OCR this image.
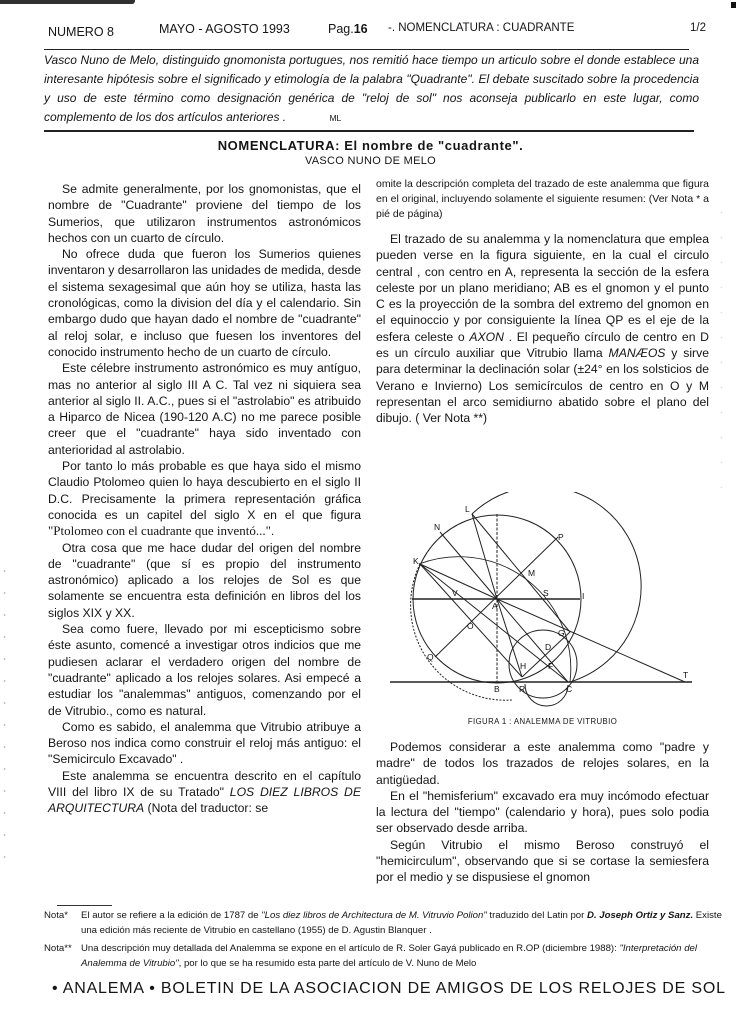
NUMERO 8	MAYO - AGOSTO 1993	Pag.16 -. NOMENCLATURA : CUADRANTE	1/2
Vasco Nuno de Melo, distinguido gnomonista portugues, nos remitió hace tiempo un articulo sobre el donde establece una interesante hipótesis sobre el significado y etimología de la palabra "Quadrante". El debate suscitado sobre la procedencia y uso de este término como designación genérica de "reloj de sol" nos aconseja publicarlo en este lugar, como complemento de los dos artículos anteriores .	ML
NOMENCLATURA: El nombre de "cuadrante".
VASCO NUNO DE MELO

Se admite generalmente, por los gnomonistas, que el nombre de "Cuadrante" proviene del tiempo de los Sumerios, que utilizaron instrumentos astronómicos hechos con un cuarto de círculo.

No ofrece duda que fueron los Sumerios quienes inventaron y desarrollaron las unidades de medida, desde el sistema sexagesimal que aún hoy se utiliza, hasta las cronológicas, como la division del día y el calendario. Sin embargo dudo que hayan dado el nombre de "cuadrante" al reloj solar, e incluso que fuesen los inventores del conocido instrumento hecho de un cuarto de círculo.

Este célebre instrumento astronómico es muy antíguo, mas no anterior al siglo III A C. Tal vez ni siquiera sea anterior al siglo II. A.C., pues si el "astrolabio" es atribuido a Hiparco de Nicea (190-120 A.C) no me parece posible creer que el "cuadrante" haya sido inventado con anterioridad al astrolabio.

Por tanto lo más probable es que haya sido el mismo Claudio Ptolomeo quien lo haya descubierto en el siglo II D.C. Precisamente la primera representación gráfica conocida es un capitel del siglo X en el que figura "Ptolomeo con el cuadrante que inventó...".

Otra cosa que me hace dudar del origen del nombre de "cuadrante" (que sí es propio del instrumento astronómico) aplicado a los relojes de Sol es que solamente se encuentra esta definición en libros del los siglos XIX y XX.

Sea como fuere, llevado por mi escepticismo sobre éste asunto, comencé a investigar otros indicios que me pudiesen aclarar el verdadero origen del nombre de "cuadrante" aplicado a los relojes solares. Asi empecé a estudiar los "analemmas" antiguos, comenzando por el de Vitrubio., como es natural.

Como es sabido, el analemma que Vitrubio atribuye a Beroso nos indica como construir el reloj más antiguo: el "Semicirculo Excavado" .

Este analemma se encuentra descrito en el capítulo VIII del libro IX de su Tratado" LOS DIEZ LIBROS DE ARQUITECTURA (Nota del traductor: se

omite la descripción completa del trazado de este analemma que figura en el original, incluyendo solamente el siguiente resumen: (Ver Nota * a pié de página)

El trazado de su analemma y la nomenclatura que emplea pueden verse en la figura siguiente, en la cual el circulo central , con centro en A, representa la sección de la esfera celeste por un plano meridiano; AB es el gnomon y el punto C es la proyección de la sombra del extremo del gnomon en el equinoccio y por consiguiente la línea QP es el eje de la esfera celeste o AXON . El pequeño círculo de centro en D es un círculo auxiliar que Vitrubio llama MANÆOS y sirve para determinar la declinación solar (±24° en los solsticios de Verano e Invierno) Los semicírculos de centro en O y M representan el arco semidiurno abatido sobre el plano del dibujo. ( Ver Nota **)

L
N
P
K
M
V	S	I
A
O
G
D
Q
H	F
B R	C
T
FIGURA 1 : ANALEMMA DE VITRUBIO

Podemos considerar a este analemma como "padre y madre" de todos los trazados de relojes solares, en la antigüedad.

En el "hemisferium" excavado era muy incómodo efectuar la lectura del "tiempo" (calendario y hora), pues solo podia ser observado desde arriba.

Según Vitrubio el mismo Beroso construyó el "hemicirculum", observando que si se cortase la semiesfera por el medio y se dispusiese el gnomon

Nota* El autor se refiere a la edición de 1787 de "Los diez libros de Architectura de M. Vitruvio Polion" traduzido del Latin por D. Joseph Ortiz y Sanz. Existe una edición más reciente de Vitrubio en castellano (1955) de D. Agustin Blanquer .
Nota** Una descripción muy detallada del Analemma se expone en el artículo de R. Soler Gayá publicado en R.OP (diciembre 1988): "Interpretación del Analemma de Vitrubio", por lo que se ha resumido esta parte del artículo de V. Nuno de Melo
• ANALEMA • BOLETIN DE LA ASOCIACION DE AMIGOS DE LOS RELOJES DE SOL
